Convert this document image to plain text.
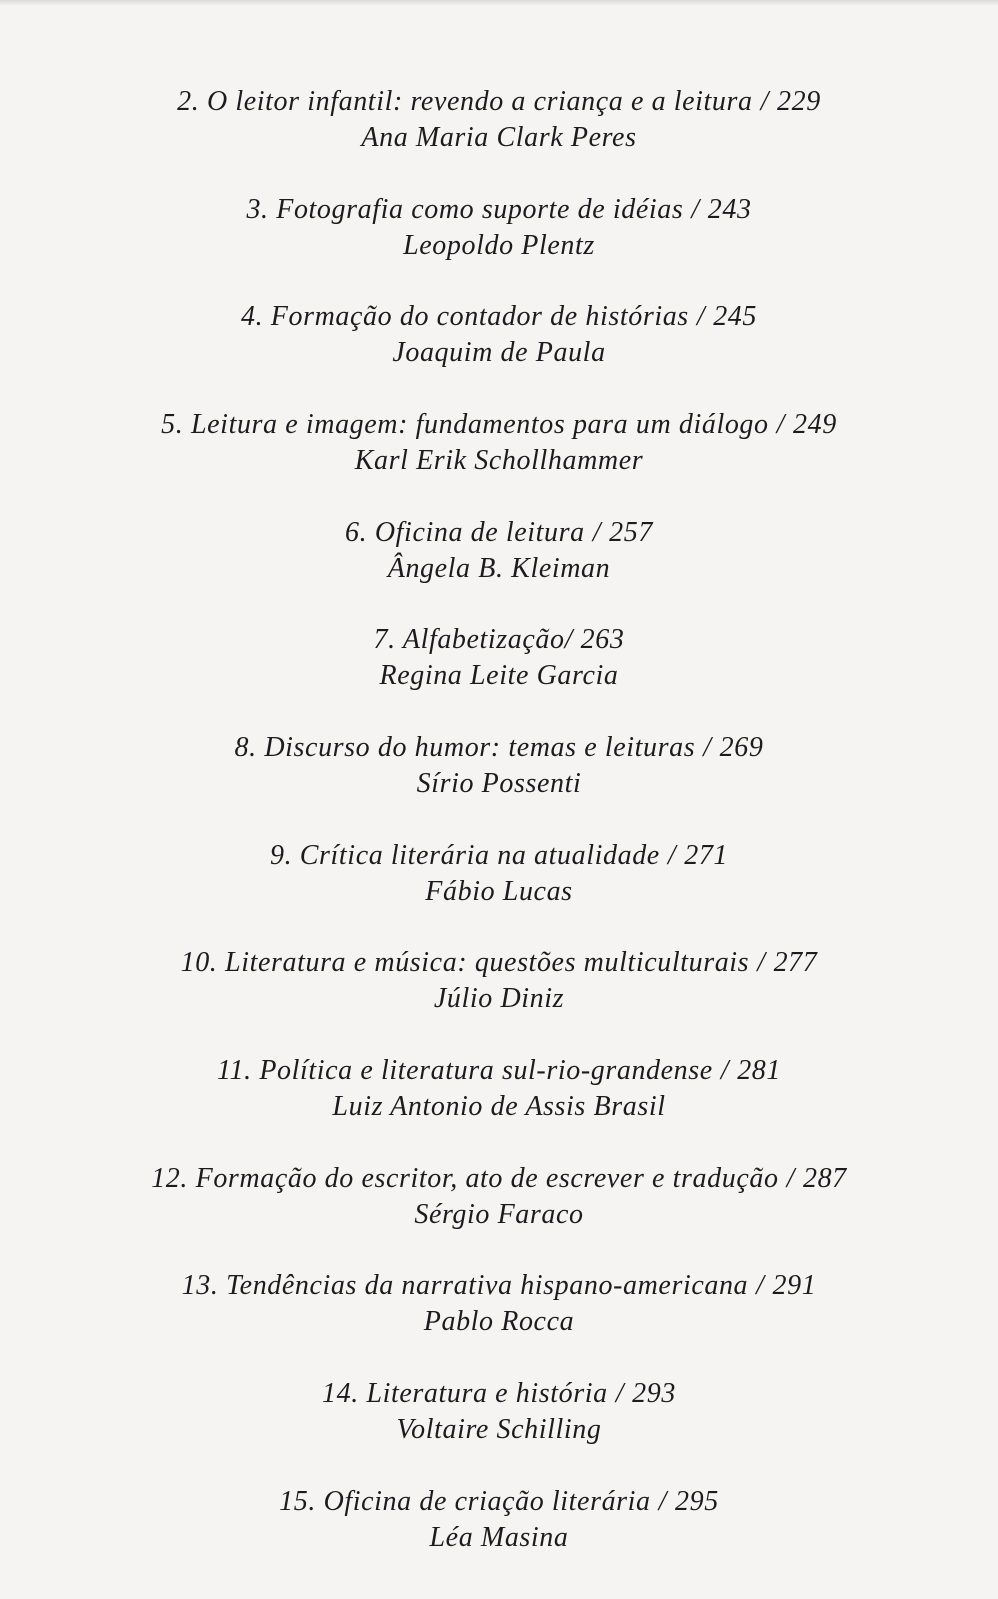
2. O leitor infantil: revendo a criança e a leitura / 229
Ana Maria Clark Peres
3. Fotografia como suporte de idéias / 243
Leopoldo Plentz
4. Formação do contador de histórias / 245
Joaquim de Paula
5. Leitura e imagem: fundamentos para um diálogo / 249
Karl Erik Schollhammer
6. Oficina de leitura / 257
Ângela B. Kleiman
7. Alfabetização/ 263
Regina Leite Garcia
8. Discurso do humor: temas e leituras / 269
Sírio Possenti
9. Crítica literária na atualidade / 271
Fábio Lucas
10. Literatura e música: questões multiculturais / 277
Júlio Diniz
11. Política e literatura sul-rio-grandense / 281
Luiz Antonio de Assis Brasil
12. Formação do escritor, ato de escrever e tradução / 287
Sérgio Faraco
13. Tendências da narrativa hispano-americana / 291
Pablo Rocca
14. Literatura e história / 293
Voltaire Schilling
15. Oficina de criação literária / 295
Léa Masina
